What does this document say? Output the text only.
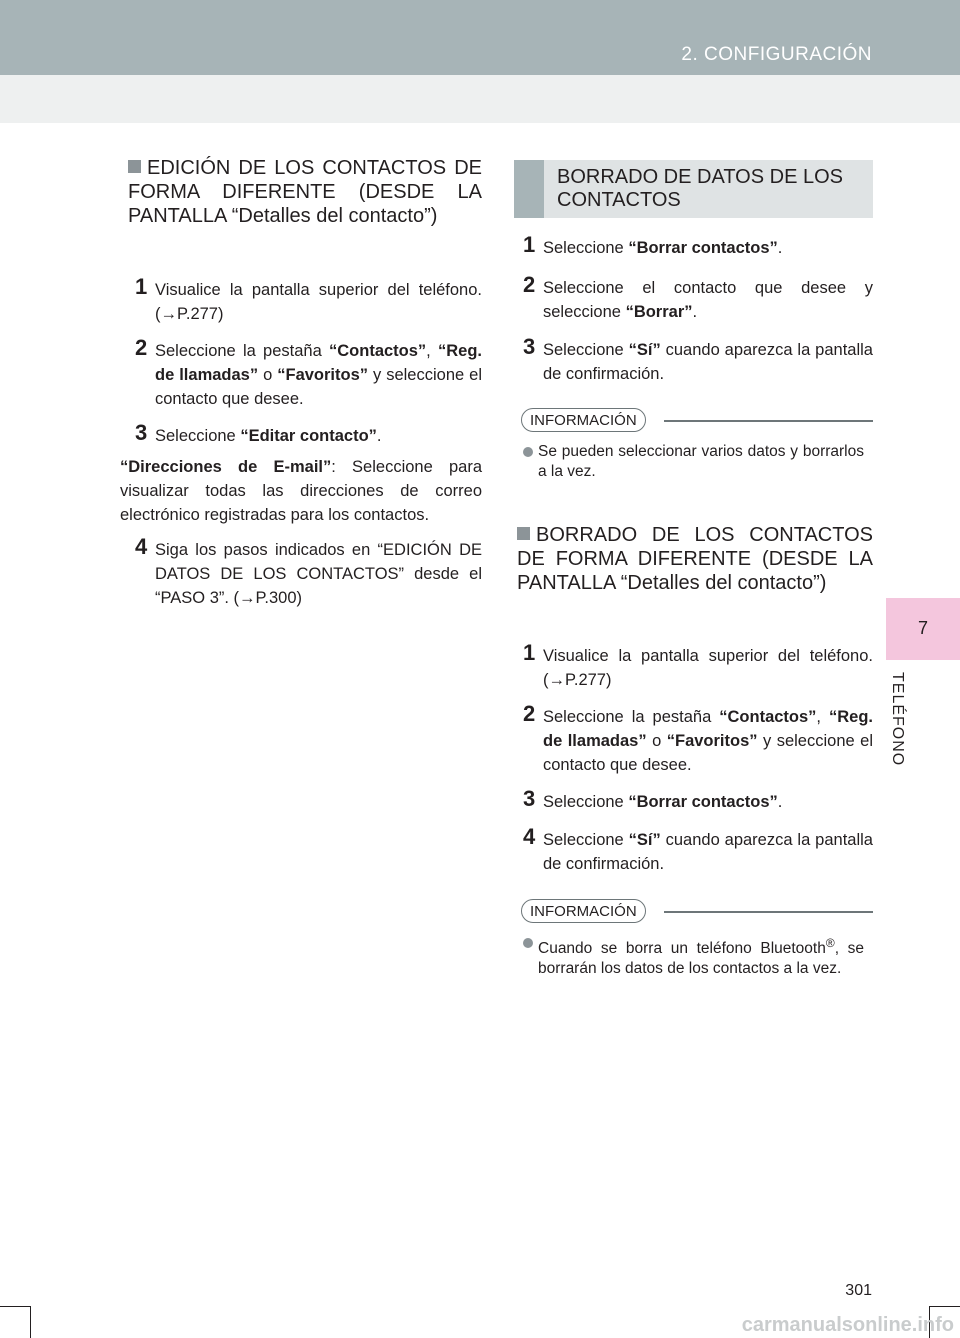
2. CONFIGURACIÓN
7
TELÉFONO
EDICIÓN DE LOS CONTACTOS DE FORMA DIFERENTE (DESDE LA PANTALLA “Detalles del contacto”)
1 Visualice la pantalla superior del teléfono. (→P.277)
2 Seleccione la pestaña “Contactos”, “Reg. de llamadas” o “Favoritos” y seleccione el contacto que desee.
3 Seleccione “Editar contacto”.
“Direcciones de E-mail”: Seleccione para visualizar todas las direcciones de correo electrónico registradas para los contactos.
4 Siga los pasos indicados en “EDICIÓN DE DATOS DE LOS CONTACTOS” desde el “PASO 3”. (→P.300)
BORRADO DE DATOS DE LOS CONTACTOS
1 Seleccione “Borrar contactos”.
2 Seleccione el contacto que desee y seleccione “Borrar”.
3 Seleccione “Sí” cuando aparezca la pantalla de confirmación.
INFORMACIÓN
Se pueden seleccionar varios datos y borrarlos a la vez.
BORRADO DE LOS CONTACTOS DE FORMA DIFERENTE (DESDE LA PANTALLA “Detalles del contacto”)
1 Visualice la pantalla superior del teléfono. (→P.277)
2 Seleccione la pestaña “Contactos”, “Reg. de llamadas” o “Favoritos” y seleccione el contacto que desee.
3 Seleccione “Borrar contactos”.
4 Seleccione “Sí” cuando aparezca la pantalla de confirmación.
INFORMACIÓN
Cuando se borra un teléfono Bluetooth®, se borrarán los datos de los contactos a la vez.
301
carmanualsonline.info
